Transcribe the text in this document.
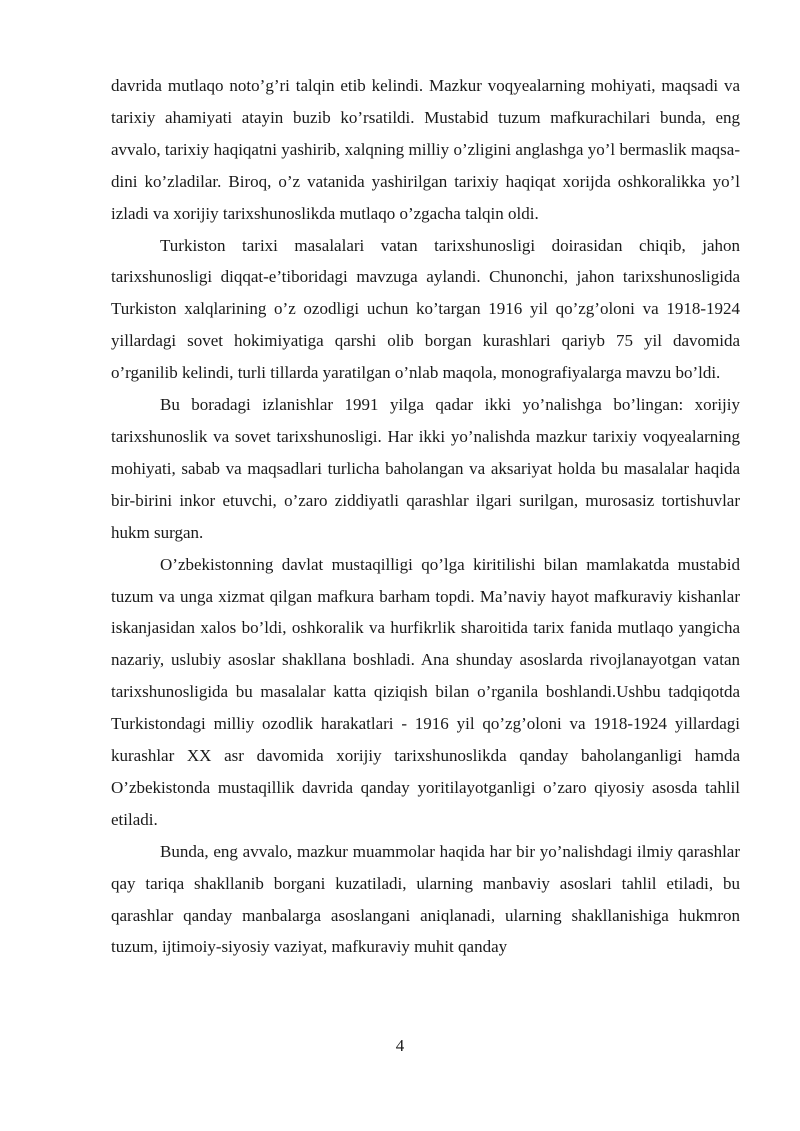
davrida mutlaqo noto’g’ri talqin etib kelindi. Mazkur voqyealarning mohiyati, maqsadi va tarixiy ahamiyati atayin buzib ko’rsatildi. Mustabid tuzum mafkurachilari bunda, eng avvalo, tarixiy haqiqatni yashirib, xalqning milliy o’zligini anglashga yo’l bermaslik maqsa-dini ko’zladilar. Biroq, o’z vatanida yashirilgan tarixiy haqiqat xorijda oshkoralikka yo’l izladi va xorijiy tarixshunoslikda mutlaqo o’zgacha talqin oldi.

Turkiston tarixi masalalari vatan tarixshunosligi doirasidan chiqib, jahon tarixshunosligi diqqat-e’tiboridagi mavzuga aylandi. Chunonchi, jahon tarixshunosligida Turkiston xalqlarining o’z ozodligi uchun ko’targan 1916 yil qo’zg’oloni va 1918-1924 yillardagi sovet hokimiyatiga qarshi olib borgan kurashlari qariyb 75 yil davomida o’rganilib kelindi, turli tillarda yaratilgan o’nlab maqola, monografiyalarga mavzu bo’ldi.

Bu boradagi izlanishlar 1991 yilga qadar ikki yo’nalishga bo’lingan: xorijiy tarixshunoslik va sovet tarixshunosligi. Har ikki yo’nalishda mazkur tarixiy voqyealarning mohiyati, sabab va maqsadlari turlicha baholangan va aksariyat holda bu masalalar haqida bir-birini inkor etuvchi, o’zaro ziddiyatli qarashlar ilgari surilgan, murosasiz tortishuvlar hukm surgan.

O’zbekistonning davlat mustaqilligi qo’lga kiritilishi bilan mamlakatda mustabid tuzum va unga xizmat qilgan mafkura barham topdi. Ma’naviy hayot mafkuraviy kishanlar iskanjasidan xalos bo’ldi, oshkoralik va hurfikrlik sharoitida tarix fanida mutlaqo yangicha nazariy, uslubiy asoslar shakllana boshladi. Ana shunday asoslarda rivojlanayotgan vatan tarixshunosligida bu masalalar katta qiziqish bilan o’rganila boshlandi.Ushbu tadqiqotda Turkistondagi milliy ozodlik harakatlari - 1916 yil qo’zg’oloni va 1918-1924 yillardagi kurashlar XX asr davomida xorijiy tarixshunoslikda qanday baholanganligi hamda O’zbekistonda mustaqillik davrida qanday yoritilayotganligi o’zaro qiyosiy asosda tahlil etiladi.

Bunda, eng avvalo, mazkur muammolar haqida har bir yo’nalishdagi ilmiy qarashlar qay tariqa shakllanib borgani kuzatiladi, ularning manbaviy asoslari tahlil etiladi, bu qarashlar qanday manbalarga asoslangani aniqlanadi, ularning shakllanishiga hukmron tuzum, ijtimoiy-siyosiy vaziyat, mafkuraviy muhit qanday

4
